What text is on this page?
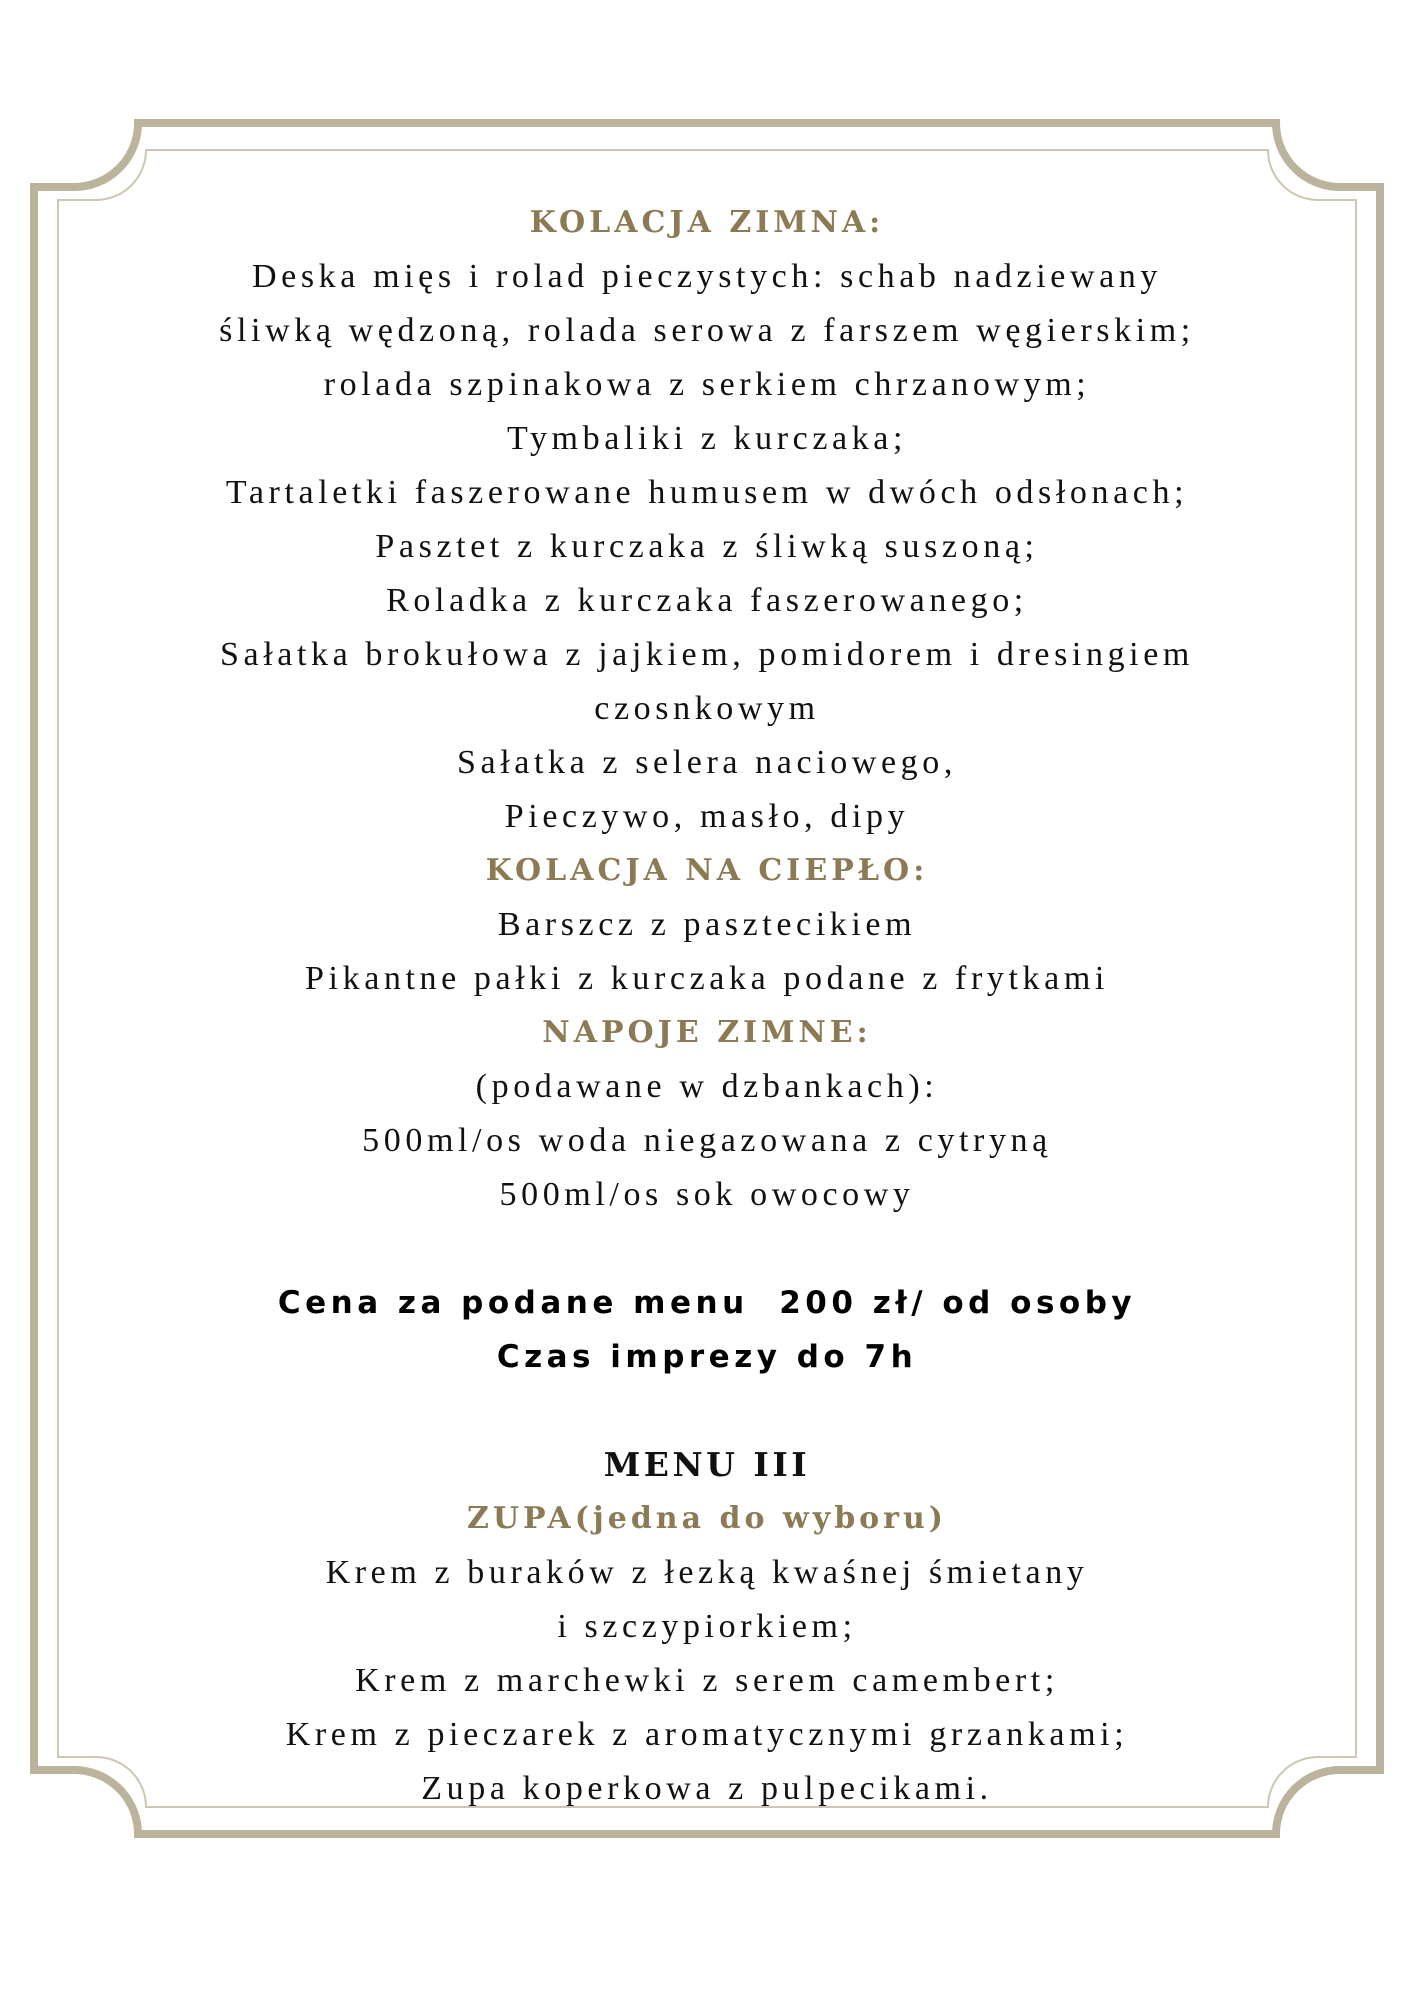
KOLACJA ZIMNA:
Deska mięs i rolad pieczystych: schab nadziewany
śliwką wędzoną, rolada serowa z farszem węgierskim;
rolada szpinakowa z serkiem chrzanowym;
Tymbaliki z kurczaka;
Tartaletki faszerowane humusem w dwóch odsłonach;
Pasztet z kurczaka z śliwką suszoną;
Roladka z kurczaka faszerowanego;
Sałatka brokułowa z jajkiem, pomidorem i dresingiem
czosnkowym
Sałatka z selera naciowego,
Pieczywo, masło, dipy
KOLACJA NA CIEPŁO:
Barszcz z pasztecikiem
Pikantne pałki z kurczaka podane z frytkami
NAPOJE ZIMNE:
(podawane w dzbankach):
500ml/os woda niegazowana z cytryną
500ml/os sok owocowy
Cena za podane menu  200 zł/ od osoby
Czas imprezy do 7h
MENU III
ZUPA(jedna do wyboru)
Krem z buraków z łezką kwaśnej śmietany
i szczypiorkiem;
Krem z marchewki z serem camembert;
Krem z pieczarek z aromatycznymi grzankami;
Zupa koperkowa z pulpecikami.
